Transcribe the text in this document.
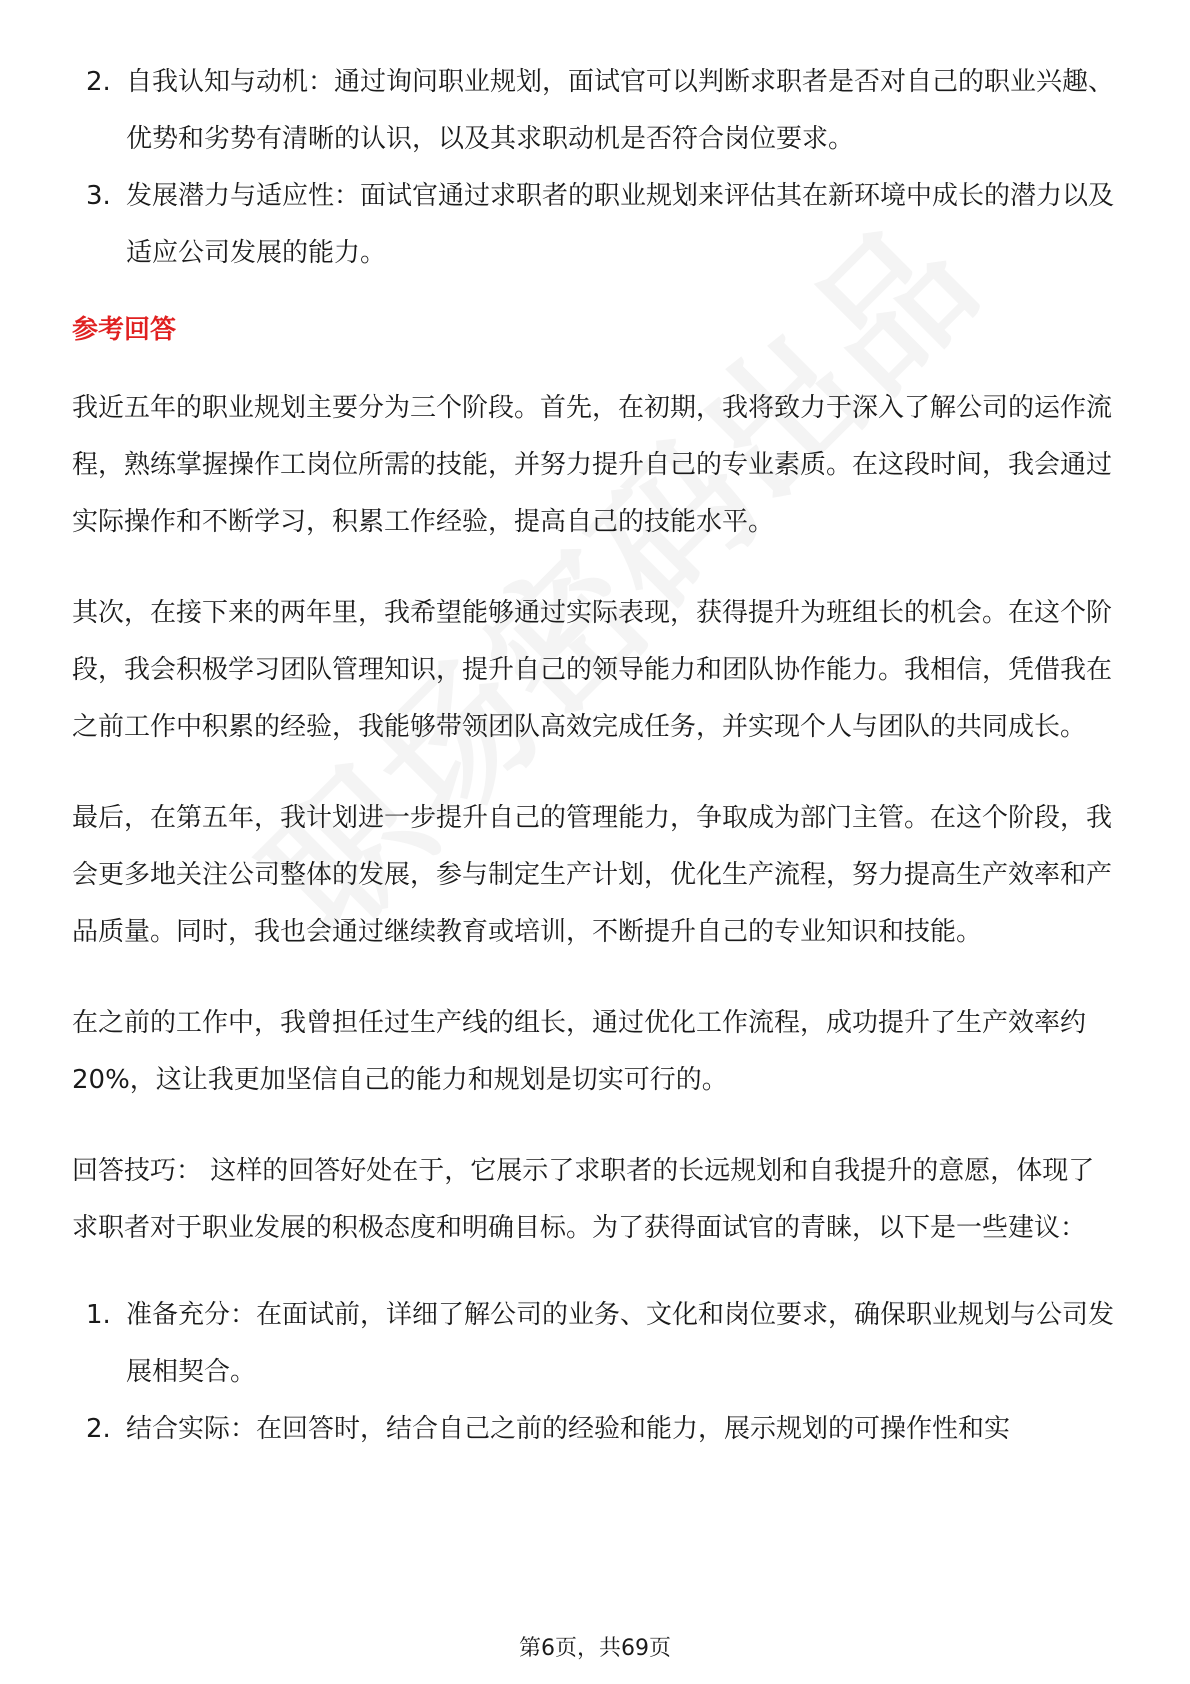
2. 自我认知与动机：通过询问职业规划，面试官可以判断求职者是否对自己的职业兴趣、优势和劣势有清晰的认识，以及其求职动机是否符合岗位要求。
3. 发展潜力与适应性：面试官通过求职者的职业规划来评估其在新环境中成长的潜力以及适应公司发展的能力。
参考回答

我近五年的职业规划主要分为三个阶段。首先，在初期，我将致力于深入了解公司的运作流程，熟练掌握操作工岗位所需的技能，并努力提升自己的专业素质。在这段时间，我会通过实际操作和不断学习，积累工作经验，提高自己的技能水平。

其次，在接下来的两年里，我希望能够通过实际表现，获得提升为班组长的机会。在这个阶段，我会积极学习团队管理知识，提升自己的领导能力和团队协作能力。我相信，凭借我在之前工作中积累的经验，我能够带领团队高效完成任务，并实现个人与团队的共同成长。

最后，在第五年，我计划进一步提升自己的管理能力，争取成为部门主管。在这个阶段，我会更多地关注公司整体的发展，参与制定生产计划，优化生产流程，努力提高生产效率和产品质量。同时，我也会通过继续教育或培训，不断提升自己的专业知识和技能。

在之前的工作中，我曾担任过生产线的组长，通过优化工作流程，成功提升了生产效率约20%，这让我更加坚信自己的能力和规划是切实可行的。

回答技巧： 这样的回答好处在于，它展示了求职者的长远规划和自我提升的意愿，体现了求职者对于职业发展的积极态度和明确目标。为了获得面试官的青睐，以下是一些建议：

1. 准备充分：在面试前，详细了解公司的业务、文化和岗位要求，确保职业规划与公司发展相契合。
2. 结合实际：在回答时，结合自己之前的经验和能力，展示规划的可操作性和实
第6页，共69页
